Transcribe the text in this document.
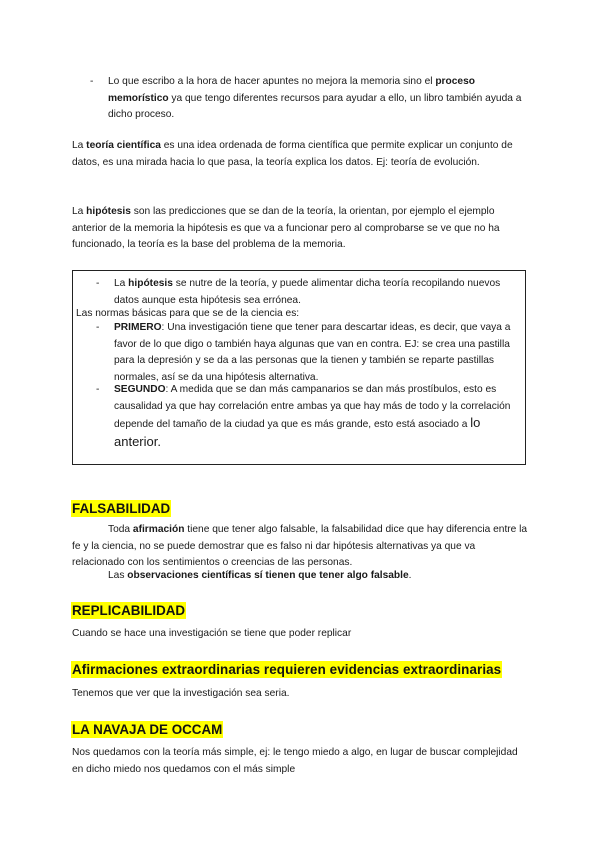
- Lo que escribo a la hora de hacer apuntes no mejora la memoria sino el proceso memorístico ya que tengo diferentes recursos para ayudar a ello, un libro también ayuda a dicho proceso.
La teoría científica es una idea ordenada de forma científica que permite explicar un conjunto de datos, es una mirada hacia lo que pasa, la teoría explica los datos. Ej: teoría de evolución.
La hipótesis son las predicciones que se dan de la teoría, la orientan, por ejemplo el ejemplo anterior de la memoria la hipótesis es que va a funcionar pero al comprobarse se ve que no ha funcionado, la teoría es la base del problema de la memoria.
- La hipótesis se nutre de la teoría, y puede alimentar dicha teoría recopilando nuevos datos aunque esta hipótesis sea errónea.
Las normas básicas para que se de la ciencia es:
- PRIMERO: Una investigación tiene que tener para descartar ideas, es decir, que vaya a favor de lo que digo o también haya algunas que van en contra. EJ: se crea una pastilla para la depresión y se da a las personas que la tienen y también se reparte pastillas normales, así se da una hipótesis alternativa.
- SEGUNDO: A medida que se dan más campanarios se dan más prostíbulos, esto es causalidad ya que hay correlación entre ambas ya que hay más de todo y la correlación depende del tamaño de la ciudad ya que es más grande, esto está asociado a lo anterior.
FALSABILIDAD
Toda afirmación tiene que tener algo falsable, la falsabilidad dice que hay diferencia entre la fe y la ciencia, no se puede demostrar que es falso ni dar hipótesis alternativas ya que va relacionado con los sentimientos o creencias de las personas.
Las observaciones científicas sí tienen que tener algo falsable.
REPLICABILIDAD
Cuando se hace una investigación se tiene que poder replicar
Afirmaciones extraordinarias requieren evidencias extraordinarias
Tenemos que ver que la investigación sea seria.
LA NAVAJA DE OCCAM
Nos quedamos con la teoría más simple, ej: le tengo miedo a algo, en lugar de buscar complejidad en dicho miedo nos quedamos con el más simple
